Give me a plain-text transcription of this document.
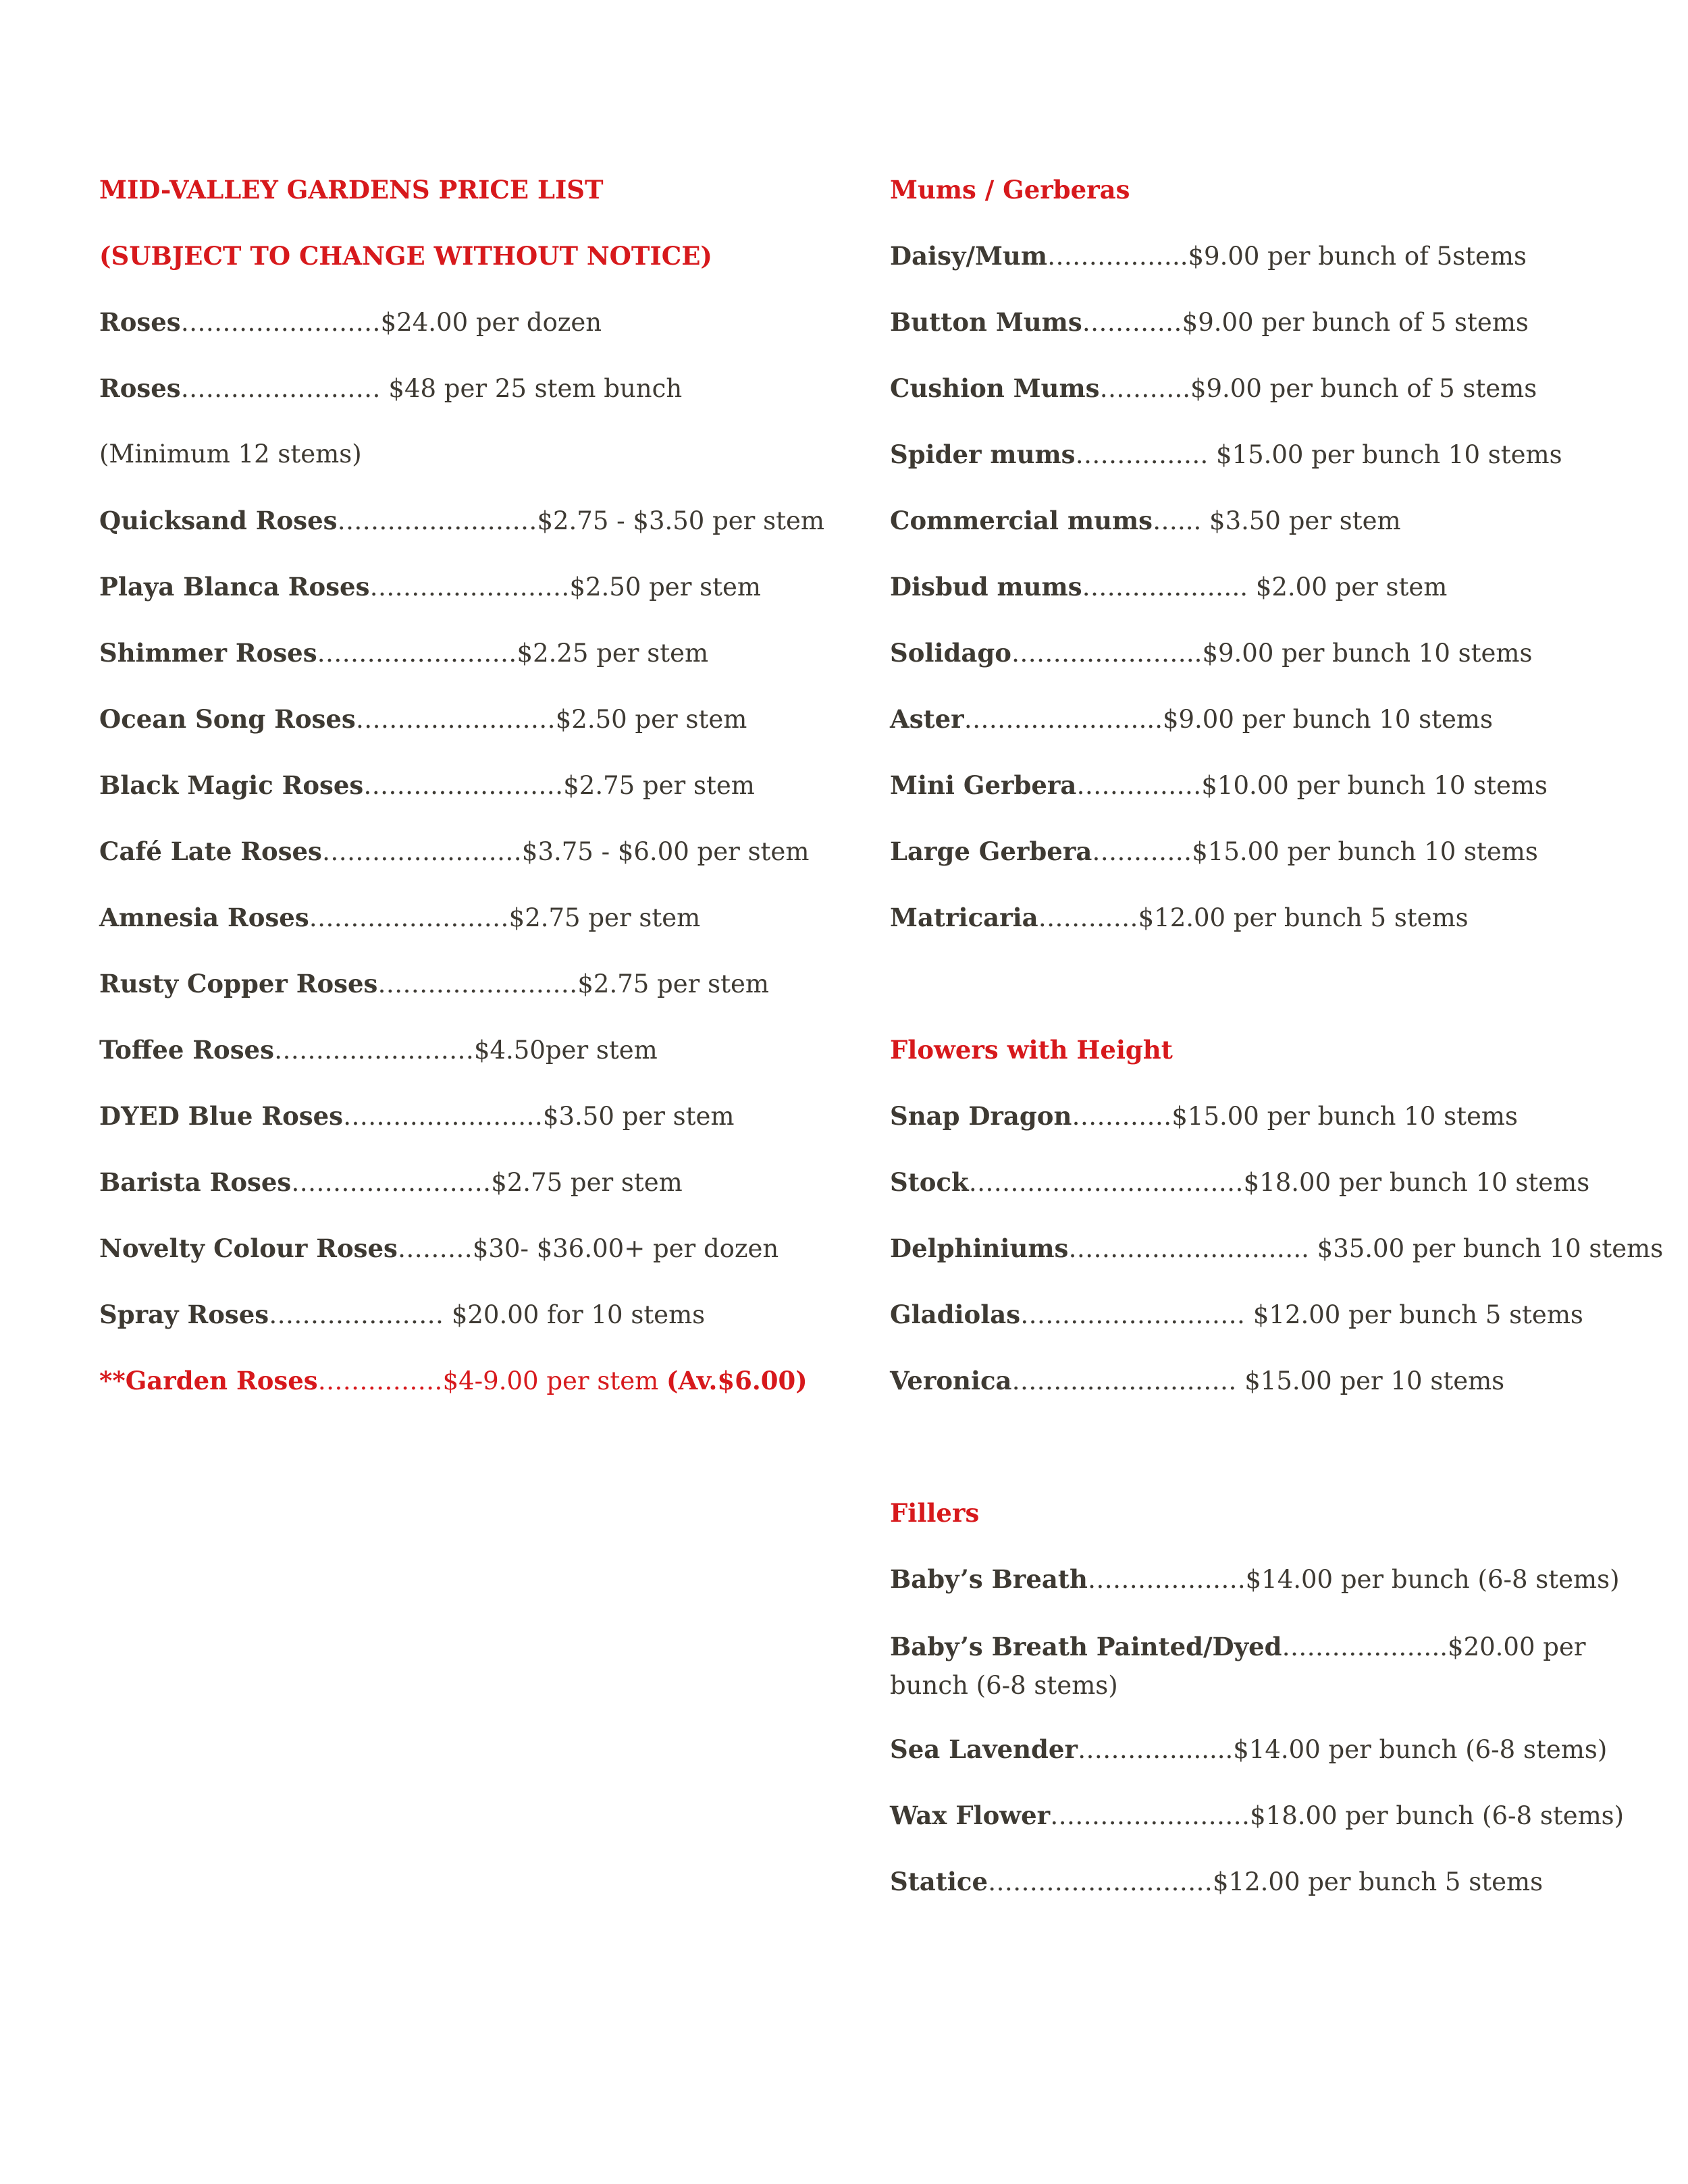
MID-VALLEY GARDENS PRICE LIST
(SUBJECT TO CHANGE WITHOUT NOTICE)
Roses……………………$24.00 per dozen
Roses…………………… $48 per 25 stem bunch
(Minimum 12 stems)
Quicksand Roses……………………$2.75 - $3.50 per stem
Playa Blanca Roses……………………$2.50 per stem
Shimmer Roses……………………$2.25 per stem
Ocean Song Roses……………………$2.50 per stem
Black Magic Roses……………………$2.75 per stem
Café Late Roses……………………$3.75 - $6.00 per stem
Amnesia Roses……………………$2.75 per stem
Rusty Copper Roses……………………$2.75 per stem
Toffee Roses……………………$4.50per stem
DYED Blue Roses……………………$3.50 per stem
Barista Roses……………………$2.75 per stem
Novelty Colour Roses………$30- $36.00+ per dozen
Spray Roses………………… $20.00 for 10 stems
**Garden Roses……………$4-9.00 per stem (Av.$6.00)
Mums / Gerberas
Daisy/Mum……………..$9.00 per bunch of 5stems
Button Mums…………$9.00 per bunch of 5 stems
Cushion Mums………..$9.00 per bunch of 5 stems
Spider mums……………. $15.00 per bunch 10 stems
Commercial mums…... $3.50 per stem
Disbud mums……………….. $2.00 per stem
Solidago…………………..$9.00 per bunch 10 stems
Aster…………………...$9.00 per bunch 10 stems
Mini Gerbera……………$10.00 per bunch 10 stems
Large Gerbera…………$15.00 per bunch 10 stems
Matricaria…………$12.00 per bunch 5 stems
Flowers with Height
Snap Dragon…………$15.00 per bunch 10 stems
Stock……………………………$18.00 per bunch 10 stems
Delphiniums……………………….. $35.00 per bunch 10 stems
Gladiolas……………………… $12.00 per bunch 5 stems
Veronica……………………… $15.00 per 10 stems
Fillers
Baby’s Breath……………….$14.00 per bunch (6-8 stems)
Baby’s Breath Painted/Dyed………………..$20.00 per bunch (6-8 stems)
Sea Lavender………….......$14.00 per bunch (6-8 stems)
Wax Flower……………………$18.00 per bunch (6-8 stems)
Statice………………………$12.00 per bunch 5 stems
